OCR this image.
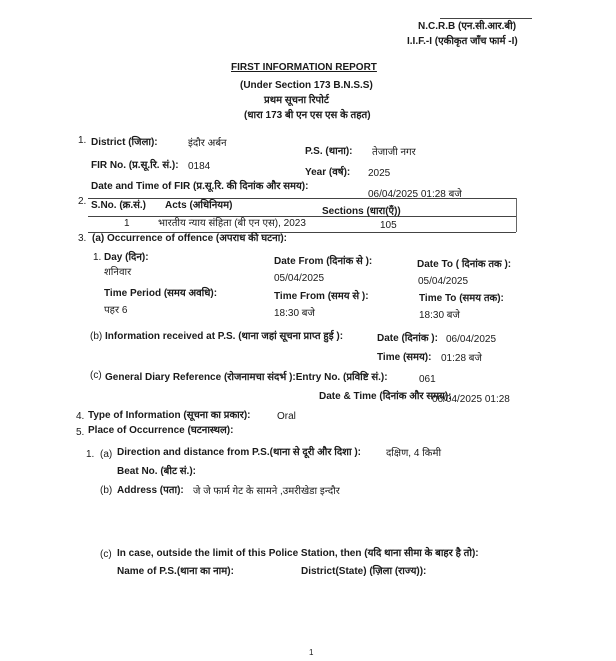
N.C.R.B (एन.सी.आर.बी)
I.I.F.-I (एकीकृत जाँच फार्म -I)
FIRST INFORMATION REPORT
(Under Section 173 B.N.S.S)
प्रथम सूचना रिपोर्ट
(धारा 173 बी एन एस एस के तहत)
1. District (जिला):	इंदौर अर्बन
P.S. (थाना): तेजाजी नगर
FIR No. (प्र.सू.रि. सं.): 0184
Year (वर्ष): 2025
Date and Time of FIR (प्र.सू.रि. की दिनांक और समय):
06/04/2025 01:28 बजे
2. S.No. (क्र.सं.) Acts (अधिनियम)
Sections (धारा(एँ))
1	भारतीय न्याय संहिता (बी एन एस), 2023	105
3. (a) Occurrence of offence (अपराध की घटना):
1. Day (दिन):
शनिवार
Date From (दिनांक से ):
05/04/2025
Date To ( दिनांक तक ):
05/04/2025
Time Period (समय अवधि):
पहर 6
Time From (समय से ):
18:30 बजे
Time To (समय तक):
18:30 बजे
(b) Information received at P.S. (थाना जहां सूचना प्राप्त हुई ):	Date (दिनांक ): 06/04/2025
Time (समय): 01:28 बजे
(c) General Diary Reference (रोजनामचा संदर्भ ):Entry No. (प्रविष्टि सं.):	061
Date & Time (दिनांक और समय):
06/04/2025 01:28
4. Type of Information (सूचना का प्रकार):	Oral
5. Place of Occurrence (घटनास्थल):
1. (a) Direction and distance from P.S.(थाना से दूरी और दिशा ):	दक्षिण, 4 किमी
Beat No. (बीट सं.):
(b) Address (पता): जे जे फार्म गेट के सामने ,उमरीखेडा इन्दौर
(c) In case, outside the limit of this Police Station, then (यदि थाना सीमा के बाहर है तो):
Name of P.S.(थाना का नाम):	District(State) (ज़िला (राज्य)):
1
